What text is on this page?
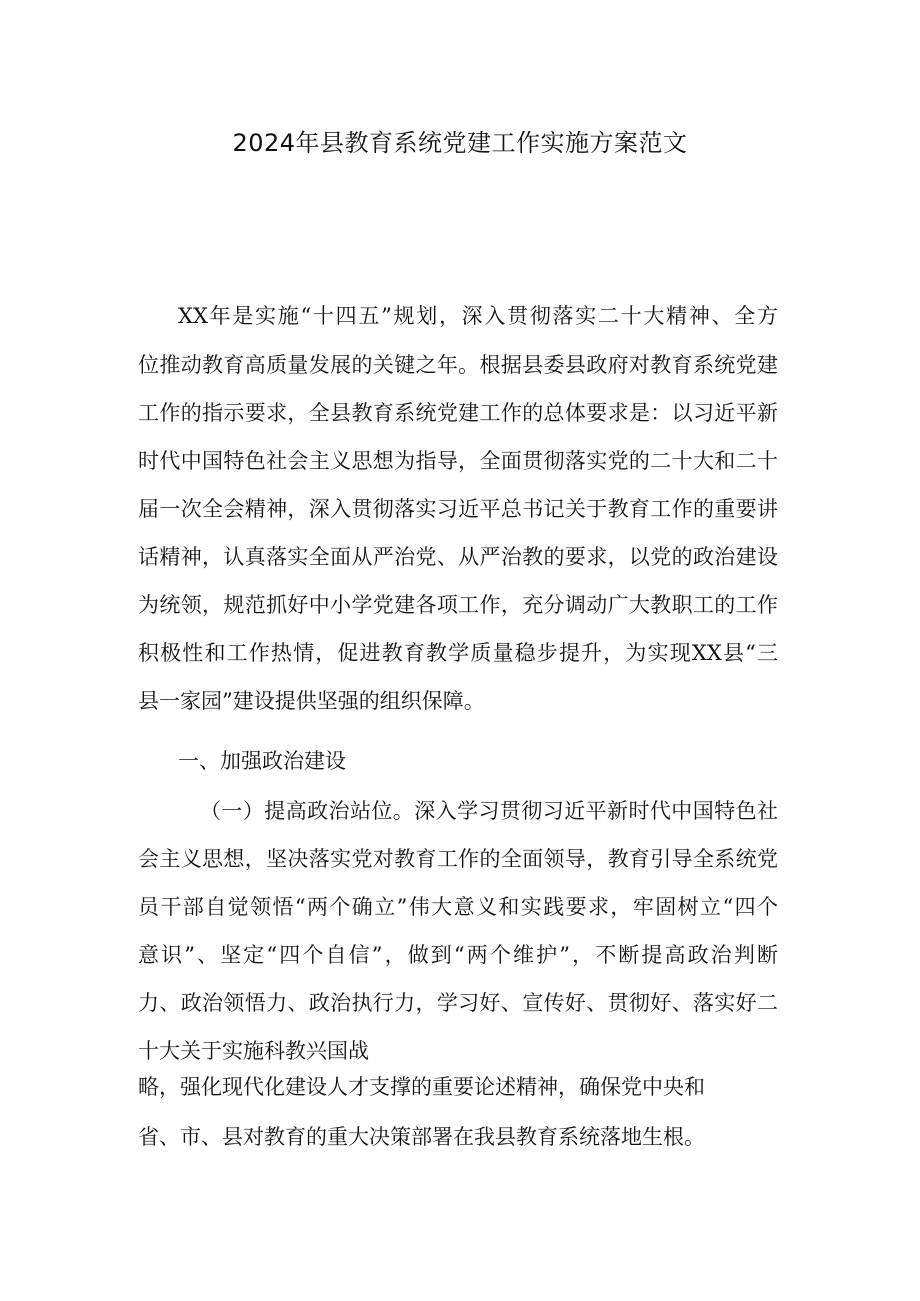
2024年县教育系统党建工作实施方案范文
XX年是实施“十四五”规划，深入贯彻落实二十大精神、全方
位推动教育高质量发展的关键之年。根据县委县政府对教育系统党建
工作的指示要求，全县教育系统党建工作的总体要求是：以习近平新
时代中国特色社会主义思想为指导，全面贯彻落实党的二十大和二十
届一次全会精神，深入贯彻落实习近平总书记关于教育工作的重要讲
话精神，认真落实全面从严治党、从严治教的要求，以党的政治建设
为统领，规范抓好中小学党建各项工作，充分调动广大教职工的工作
积极性和工作热情，促进教育教学质量稳步提升，为实现XX县“三
县一家园”建设提供坚强的组织保障。
一、加强政治建设
（一）提高政治站位。深入学习贯彻习近平新时代中国特色社
会主义思想，坚决落实党对教育工作的全面领导，教育引导全系统党
员干部自觉领悟“两个确立”伟大意义和实践要求，牢固树立“四个
意识”、坚定“四个自信”，做到“两个维护”，不断提高政治判断
力、政治领悟力、政治执行力，学习好、宣传好、贯彻好、落实好二
十大关于实施科教兴国战
略，强化现代化建设人才支撑的重要论述精神，确保党中央和
省、市、县对教育的重大决策部署在我县教育系统落地生根。
